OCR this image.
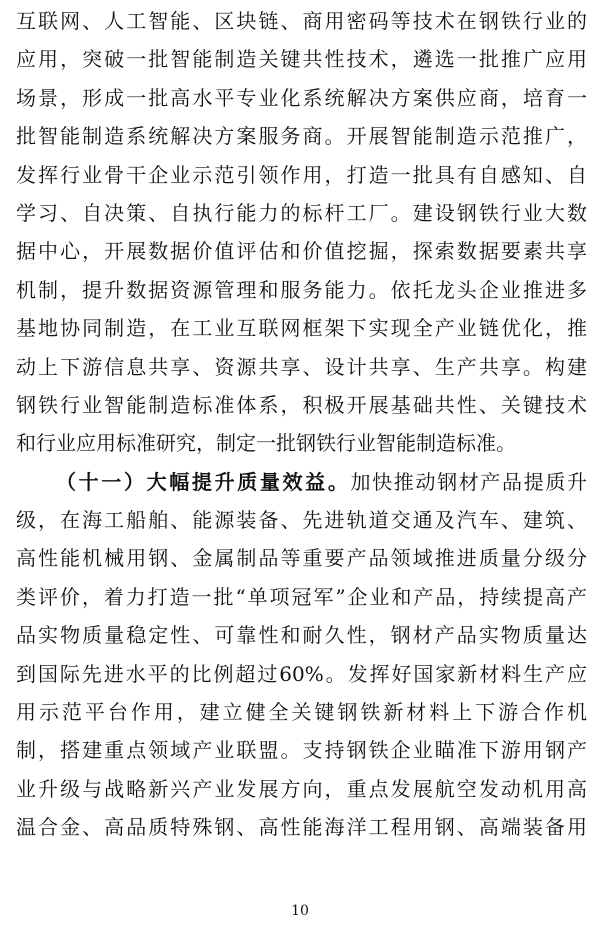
互联网、人工智能、区块链、商用密码等技术在钢铁行业的
应用，突破一批智能制造关键共性技术，遴选一批推广应用
场景，形成一批高水平专业化系统解决方案供应商，培育一
批智能制造系统解决方案服务商。开展智能制造示范推广，
发挥行业骨干企业示范引领作用，打造一批具有自感知、自
学习、自决策、自执行能力的标杆工厂。建设钢铁行业大数
据中心，开展数据价值评估和价值挖掘，探索数据要素共享
机制，提升数据资源管理和服务能力。依托龙头企业推进多
基地协同制造，在工业互联网框架下实现全产业链优化，推
动上下游信息共享、资源共享、设计共享、生产共享。构建
钢铁行业智能制造标准体系，积极开展基础共性、关键技术
和行业应用标准研究，制定一批钢铁行业智能制造标准。
（十一）大幅提升质量效益。加快推动钢材产品提质升
级，在海工船舶、能源装备、先进轨道交通及汽车、建筑、
高性能机械用钢、金属制品等重要产品领域推进质量分级分
类评价，着力打造一批“单项冠军”企业和产品，持续提高产
品实物质量稳定性、可靠性和耐久性，钢材产品实物质量达
到国际先进水平的比例超过60%。发挥好国家新材料生产应
用示范平台作用，建立健全关键钢铁新材料上下游合作机
制，搭建重点领域产业联盟。支持钢铁企业瞄准下游用钢产
业升级与战略新兴产业发展方向，重点发展航空发动机用高
温合金、高品质特殊钢、高性能海洋工程用钢、高端装备用
10
